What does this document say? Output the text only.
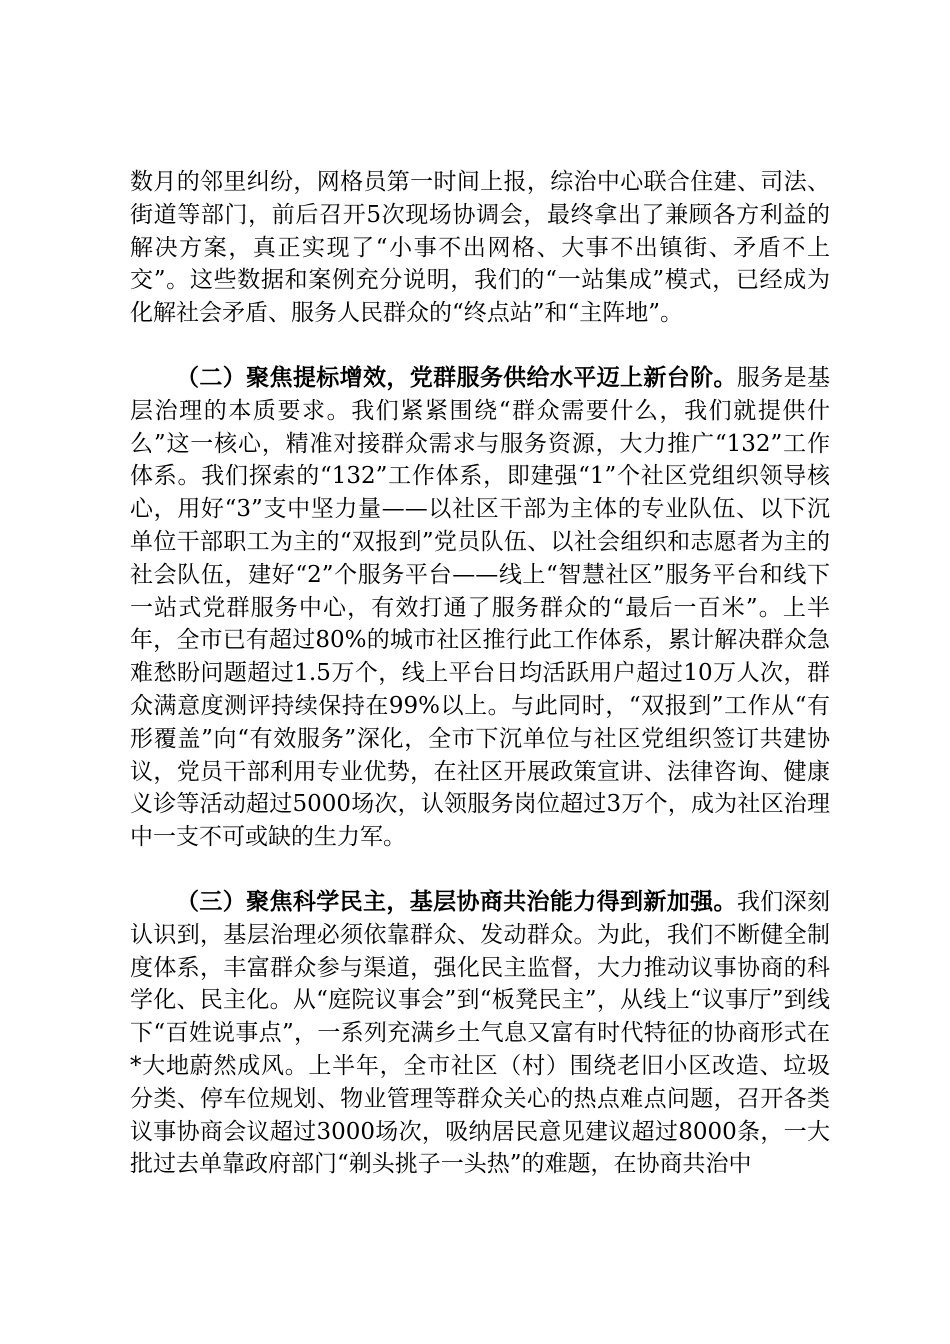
数月的邻里纠纷，网格员第一时间上报，综治中心联合住建、司法、街道等部门，前后召开5次现场协调会，最终拿出了兼顾各方利益的解决方案，真正实现了“小事不出网格、大事不出镇街、矛盾不上交”。这些数据和案例充分说明，我们的“一站集成”模式，已经成为化解社会矛盾、服务人民群众的“终点站”和“主阵地”。

（二）聚焦提标增效，党群服务供给水平迈上新台阶。服务是基层治理的本质要求。我们紧紧围绕“群众需要什么，我们就提供什么”这一核心，精准对接群众需求与服务资源，大力推广“132”工作体系。我们探索的“132”工作体系，即建强“1”个社区党组织领导核心，用好“3”支中坚力量——以社区干部为主体的专业队伍、以下沉单位干部职工为主的“双报到”党员队伍、以社会组织和志愿者为主的社会队伍，建好“2”个服务平台——线上“智慧社区”服务平台和线下一站式党群服务中心，有效打通了服务群众的“最后一百米”。上半年，全市已有超过80%的城市社区推行此工作体系，累计解决群众急难愁盼问题超过1.5万个，线上平台日均活跃用户超过10万人次，群众满意度测评持续保持在99%以上。与此同时，“双报到”工作从“有形覆盖”向“有效服务”深化，全市下沉单位与社区党组织签订共建协议，党员干部利用专业优势，在社区开展政策宣讲、法律咨询、健康义诊等活动超过5000场次，认领服务岗位超过3万个，成为社区治理中一支不可或缺的生力军。

（三）聚焦科学民主，基层协商共治能力得到新加强。我们深刻认识到，基层治理必须依靠群众、发动群众。为此，我们不断健全制度体系，丰富群众参与渠道，强化民主监督，大力推动议事协商的科学化、民主化。从“庭院议事会”到“板凳民主”，从线上“议事厅”到线下“百姓说事点”，一系列充满乡土气息又富有时代特征的协商形式在*大地蔚然成风。上半年，全市社区（村）围绕老旧小区改造、垃圾分类、停车位规划、物业管理等群众关心的热点难点问题，召开各类议事协商会议超过3000场次，吸纳居民意见建议超过8000条，一大批过去单靠政府部门“剃头挑子一头热”的难题，在协商共治中
